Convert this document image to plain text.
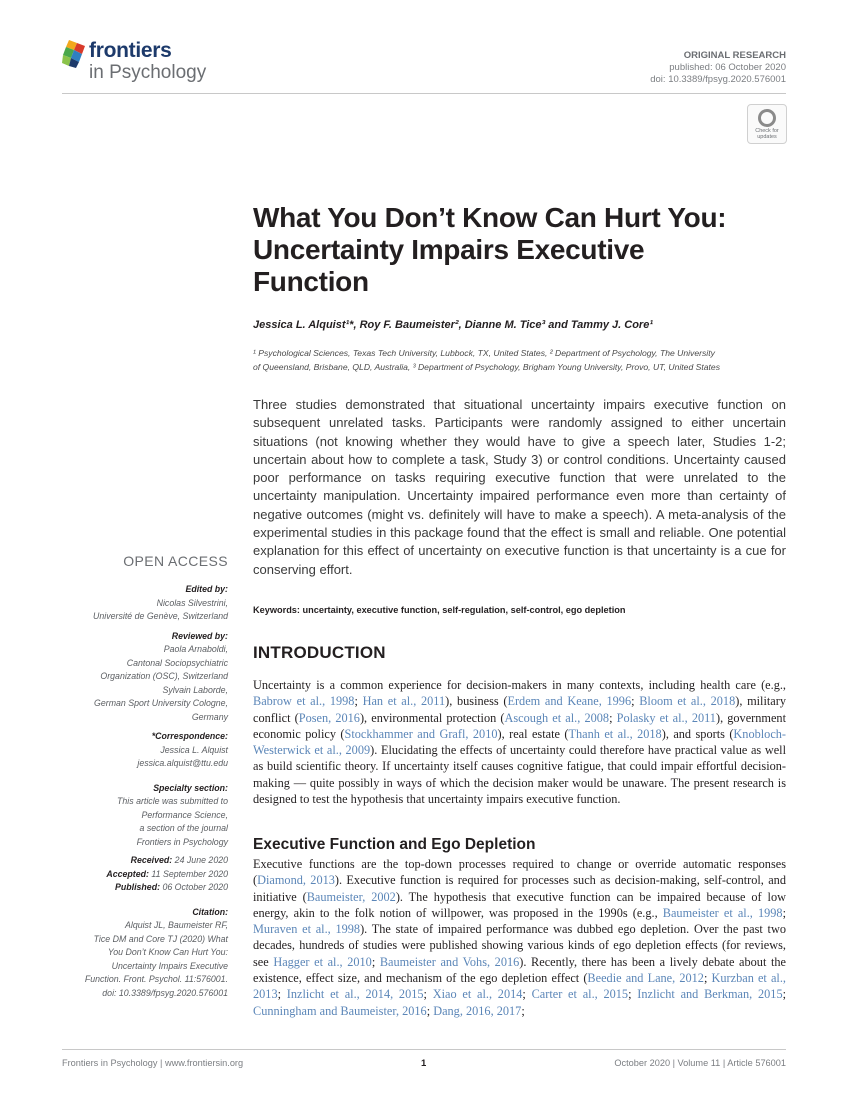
frontiers
in Psychology
ORIGINAL RESEARCH
published: 06 October 2020
doi: 10.3389/fpsyg.2020.576001
Check for updates
What You Don’t Know Can Hurt You:
Uncertainty Impairs Executive
Function
Jessica L. Alquist¹*, Roy F. Baumeister², Dianne M. Tice³ and Tammy J. Core¹
¹ Psychological Sciences, Texas Tech University, Lubbock, TX, United States, ² Department of Psychology, The University
of Queensland, Brisbane, QLD, Australia, ³ Department of Psychology, Brigham Young University, Provo, UT, United States
Three studies demonstrated that situational uncertainty impairs executive function on subsequent unrelated tasks. Participants were randomly assigned to either uncertain situations (not knowing whether they would have to give a speech later, Studies 1-2; uncertain about how to complete a task, Study 3) or control conditions. Uncertainty caused poor performance on tasks requiring executive function that were unrelated to the uncertainty manipulation. Uncertainty impaired performance even more than certainty of negative outcomes (might vs. definitely will have to make a speech). A meta-analysis of the experimental studies in this package found that the effect is small and reliable. One potential explanation for this effect of uncertainty on executive function is that uncertainty is a cue for conserving effort.
Keywords: uncertainty, executive function, self-regulation, self-control, ego depletion
OPEN ACCESS
Edited by:
Nicolas Silvestrini,
Université de Genève, Switzerland
Reviewed by:
Paola Arnaboldi,
Cantonal Sociopsychiatric
Organization (OSC), Switzerland
Sylvain Laborde,
German Sport University Cologne,
Germany
*Correspondence:
Jessica L. Alquist
jessica.alquist@ttu.edu
Specialty section:
This article was submitted to
Performance Science,
a section of the journal
Frontiers in Psychology
Received: 24 June 2020
Accepted: 11 September 2020
Published: 06 October 2020
Citation:
Alquist JL, Baumeister RF,
Tice DM and Core TJ (2020) What
You Don’t Know Can Hurt You:
Uncertainty Impairs Executive
Function. Front. Psychol. 11:576001.
doi: 10.3389/fpsyg.2020.576001
INTRODUCTION
Uncertainty is a common experience for decision-makers in many contexts, including health care (e.g., Babrow et al., 1998; Han et al., 2011), business (Erdem and Keane, 1996; Bloom et al., 2018), military conflict (Posen, 2016), environmental protection (Ascough et al., 2008; Polasky et al., 2011), government economic policy (Stockhammer and Grafl, 2010), real estate (Thanh et al., 2018), and sports (Knobloch-Westerwick et al., 2009). Elucidating the effects of uncertainty could therefore have practical value as well as build scientific theory. If uncertainty itself causes cognitive fatigue, that could impair effortful decision-making — quite possibly in ways of which the decision maker would be unaware. The present research is designed to test the hypothesis that uncertainty impairs executive function.
Executive Function and Ego Depletion
Executive functions are the top-down processes required to change or override automatic responses (Diamond, 2013). Executive function is required for processes such as decision-making, self-control, and initiative (Baumeister, 2002). The hypothesis that executive function can be impaired because of low energy, akin to the folk notion of willpower, was proposed in the 1990s (e.g., Baumeister et al., 1998; Muraven et al., 1998). The state of impaired performance was dubbed ego depletion. Over the past two decades, hundreds of studies were published showing various kinds of ego depletion effects (for reviews, see Hagger et al., 2010; Baumeister and Vohs, 2016). Recently, there has been a lively debate about the existence, effect size, and mechanism of the ego depletion effect (Beedie and Lane, 2012; Kurzban et al., 2013; Inzlicht et al., 2014, 2015; Xiao et al., 2014; Carter et al., 2015; Inzlicht and Berkman, 2015; Cunningham and Baumeister, 2016; Dang, 2016, 2017;
Frontiers in Psychology | www.frontiersin.org	1	October 2020 | Volume 11 | Article 576001
